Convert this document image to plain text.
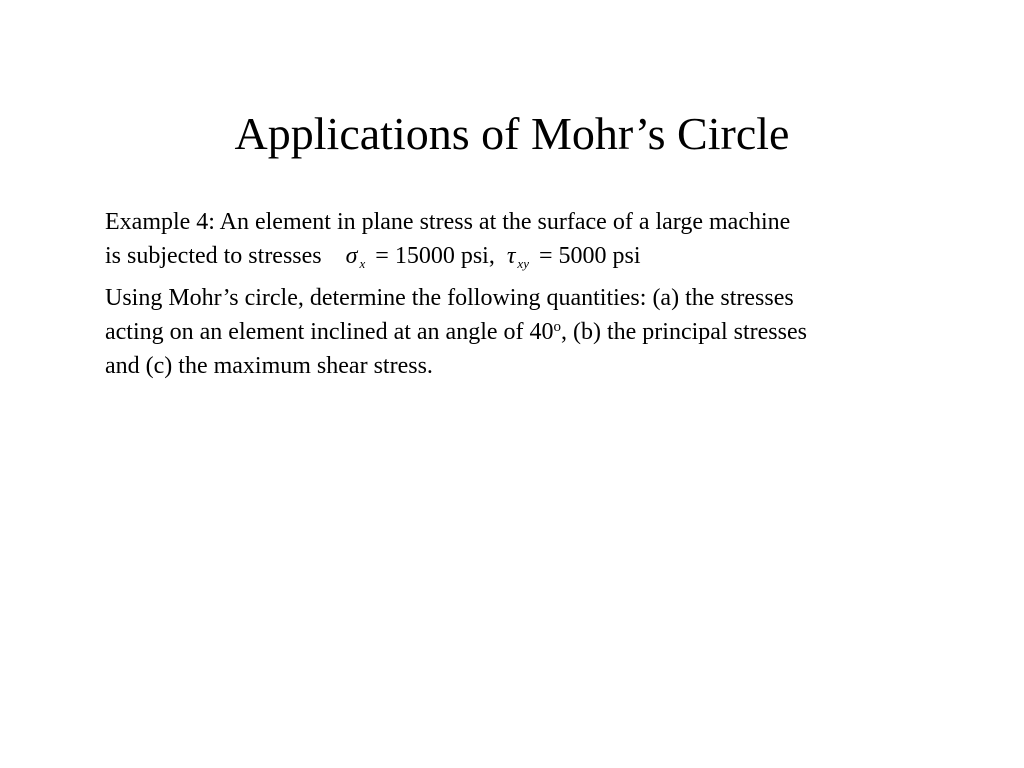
Applications of Mohr’s Circle
Example 4: An element in plane stress at the surface of a large machine
is subjected to stresses σ $_x$ = 15000 psi, τ $_{xy}$ = 5000 psi
Using Mohr’s circle, determine the following quantities: (a) the stresses
acting on an element inclined at an angle of 40$^o$, (b) the principal stresses
and (c) the maximum shear stress.
